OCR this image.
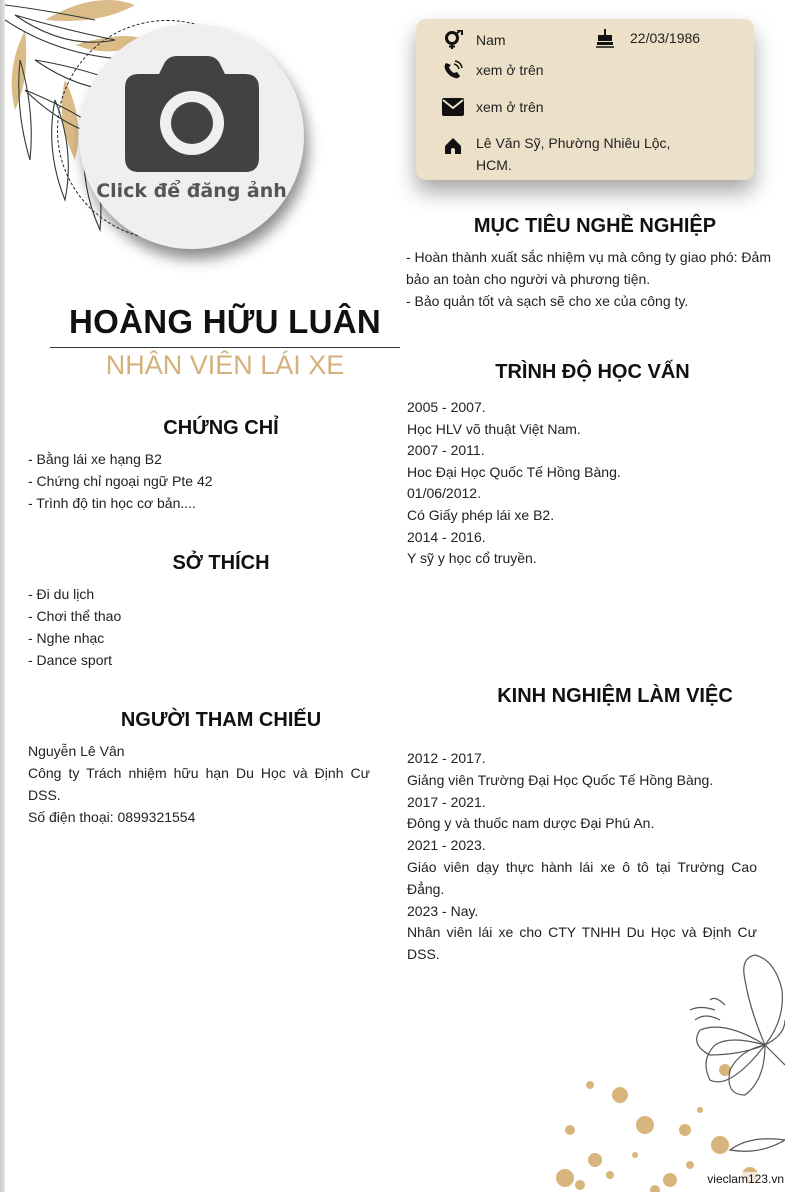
Click để đăng ảnh
Nam	22/03/1986
xem ở trên
xem ở trên
Lê Văn Sỹ, Phường Nhiêu Lộc,
HCM.
HOÀNG HỮU LUÂN
NHÂN VIÊN LÁI XE
MỤC TIÊU NGHỀ NGHIỆP
- Hoàn thành xuất sắc nhiệm vụ mà công ty giao phó: Đảm
bảo an toàn cho người và phương tiện.
- Bảo quản tốt và sạch sẽ cho xe của công ty.
CHỨNG CHỈ
- Bằng lái xe hạng B2
- Chứng chỉ ngoại ngữ Pte 42
- Trình độ tin học cơ bản....
SỞ THÍCH
- Đi du lịch
- Chơi thể thao
- Nghe nhạc
- Dance sport
NGƯỜI THAM CHIẾU
Nguyễn Lê Vân
Công ty Trách nhiệm hữu hạn Du Học và Định Cư
DSS.
Số điện thoại: 0899321554
TRÌNH ĐỘ HỌC VẤN
2005 - 2007.
Học HLV võ thuật Việt Nam.
2007 - 2011.
Hoc Đại Học Quốc Tế Hồng Bàng.
01/06/2012.
Có Giấy phép lái xe B2.
2014 - 2016.
Y sỹ y học cổ truyền.
KINH NGHIỆM LÀM VIỆC
2012 - 2017.
Giảng viên Trường Đại Học Quốc Tế Hồng Bàng.
2017 - 2021.
Đông y và thuốc nam dược Đại Phú An.
2021 - 2023.
Giáo viên dạy thực hành lái xe ô tô tại Trường Cao
Đẳng.
2023 - Nay.
Nhân viên lái xe cho CTY TNHH Du Học và Định Cư
DSS.
vieclam123.vn
